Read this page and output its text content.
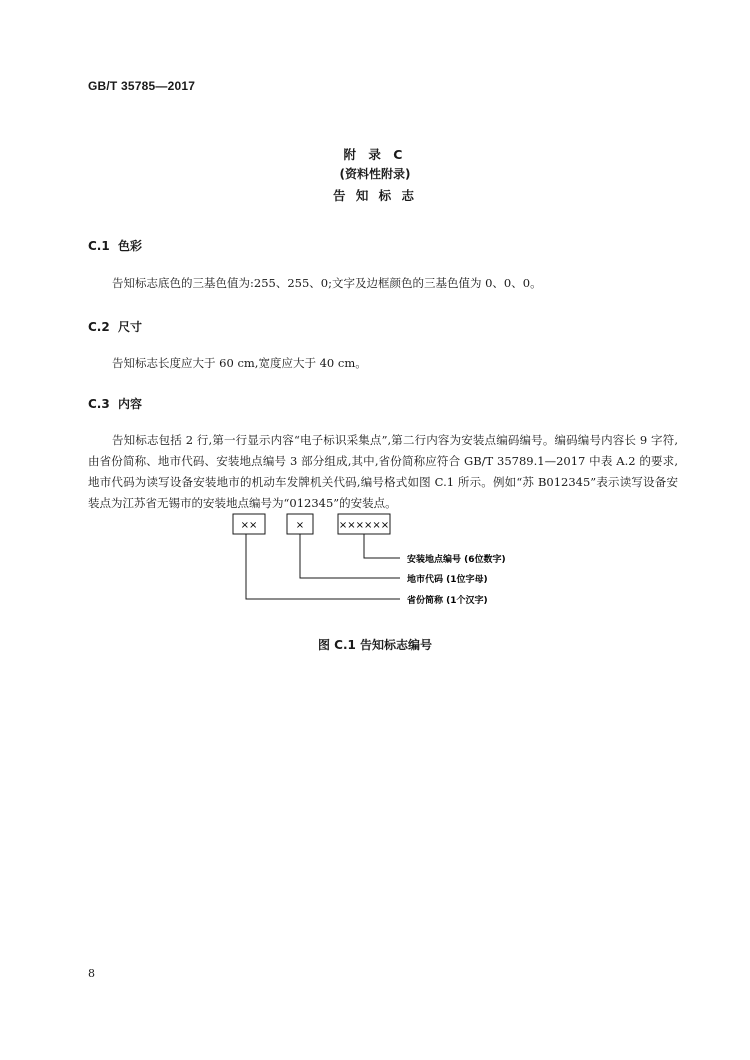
GB/T 35785—2017
附 录 C
(资料性附录)
告 知 标 志
C.1 色彩
告知标志底色的三基色值为:255、255、0;文字及边框颜色的三基色值为 0、0、0。
C.2 尺寸
告知标志长度应大于 60 cm,宽度应大于 40 cm。
C.3 内容
告知标志包括 2 行,第一行显示内容“电子标识采集点”,第二行内容为安装点编码编号。编码编号内容长 9 字符,由省份简称、地市代码、安装地点编号 3 部分组成,其中,省份简称应符合 GB/T 35789.1—2017 中表 A.2 的要求,地市代码为读写设备安装地市的机动车发牌机关代码,编号格式如图 C.1 所示。例如“苏 B012345”表示读写设备安装点为江苏省无锡市的安装地点编号为“012345”的安装点。
××	×	××××××
安装地点编号 (6位数字)
地市代码 (1位字母)
省份简称 (1个汉字)
图 C.1 告知标志编号
8
